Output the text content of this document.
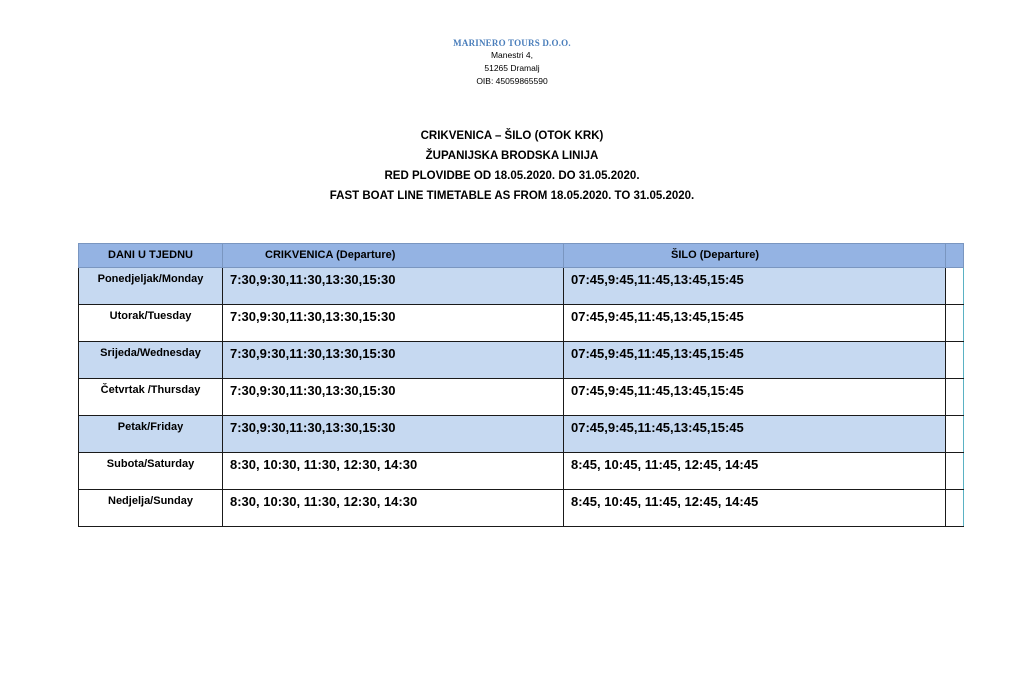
MARINERO TOURS D.O.O.
Manestri 4,
51265 Dramalj
OIB: 45059865590
CRIKVENICA – ŠILO (OTOK KRK)
ŽUPANIJSKA BRODSKA LINIJA
RED PLOVIDBE OD 18.05.2020. DO 31.05.2020.
FAST BOAT LINE TIMETABLE AS FROM 18.05.2020. TO 31.05.2020.
DANI U TJEDNU	CRIKVENICA (Departure)	ŠILO (Departure)	
Ponedjeljak/Monday	7:30,9:30,11:30,13:30,15:30	07:45,9:45,11:45,13:45,15:45	
Utorak/Tuesday	7:30,9:30,11:30,13:30,15:30	07:45,9:45,11:45,13:45,15:45	
Srijeda/Wednesday	7:30,9:30,11:30,13:30,15:30	07:45,9:45,11:45,13:45,15:45	
Četvrtak /Thursday	7:30,9:30,11:30,13:30,15:30	07:45,9:45,11:45,13:45,15:45	
Petak/Friday	7:30,9:30,11:30,13:30,15:30	07:45,9:45,11:45,13:45,15:45	
Subota/Saturday	8:30, 10:30, 11:30, 12:30, 14:30	8:45, 10:45, 11:45, 12:45, 14:45	
Nedjelja/Sunday	8:30, 10:30, 11:30, 12:30, 14:30	8:45, 10:45, 11:45, 12:45, 14:45	
